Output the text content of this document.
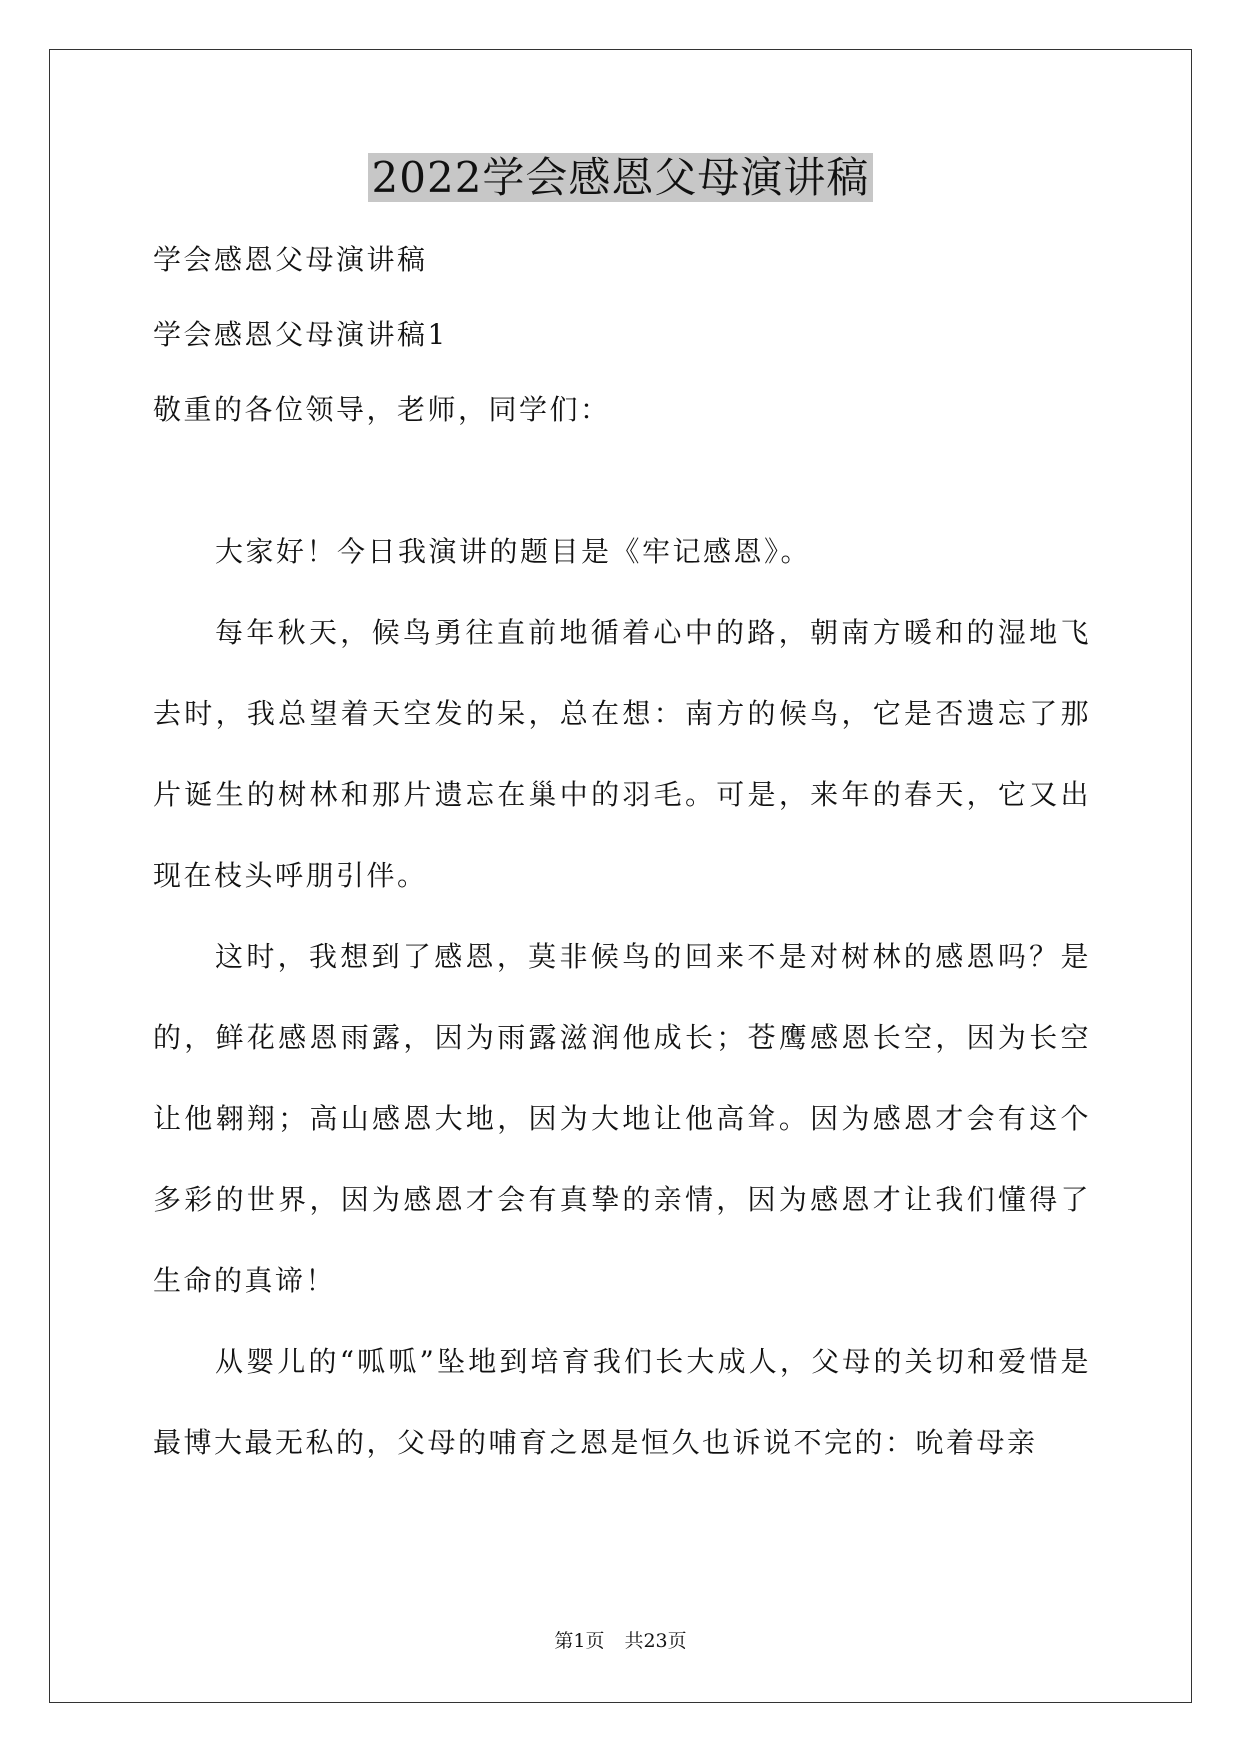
2022学会感恩父母演讲稿
学会感恩父母演讲稿
学会感恩父母演讲稿1
敬重的各位领导，老师，同学们：

大家好！今日我演讲的题目是《牢记感恩》。

每年秋天，候鸟勇往直前地循着心中的路，朝南方暖和的湿地飞去时，我总望着天空发的呆，总在想：南方的候鸟，它是否遗忘了那片诞生的树林和那片遗忘在巢中的羽毛。可是，来年的春天，它又出现在枝头呼朋引伴。

这时，我想到了感恩，莫非候鸟的回来不是对树林的感恩吗？是的，鲜花感恩雨露，因为雨露滋润他成长；苍鹰感恩长空，因为长空让他翱翔；高山感恩大地，因为大地让他高耸。因为感恩才会有这个多彩的世界，因为感恩才会有真挚的亲情，因为感恩才让我们懂得了生命的真谛！

从婴儿的“呱呱”坠地到培育我们长大成人，父母的关切和爱惜是最博大最无私的，父母的哺育之恩是恒久也诉说不完的：吮着母亲

第1页 共23页
